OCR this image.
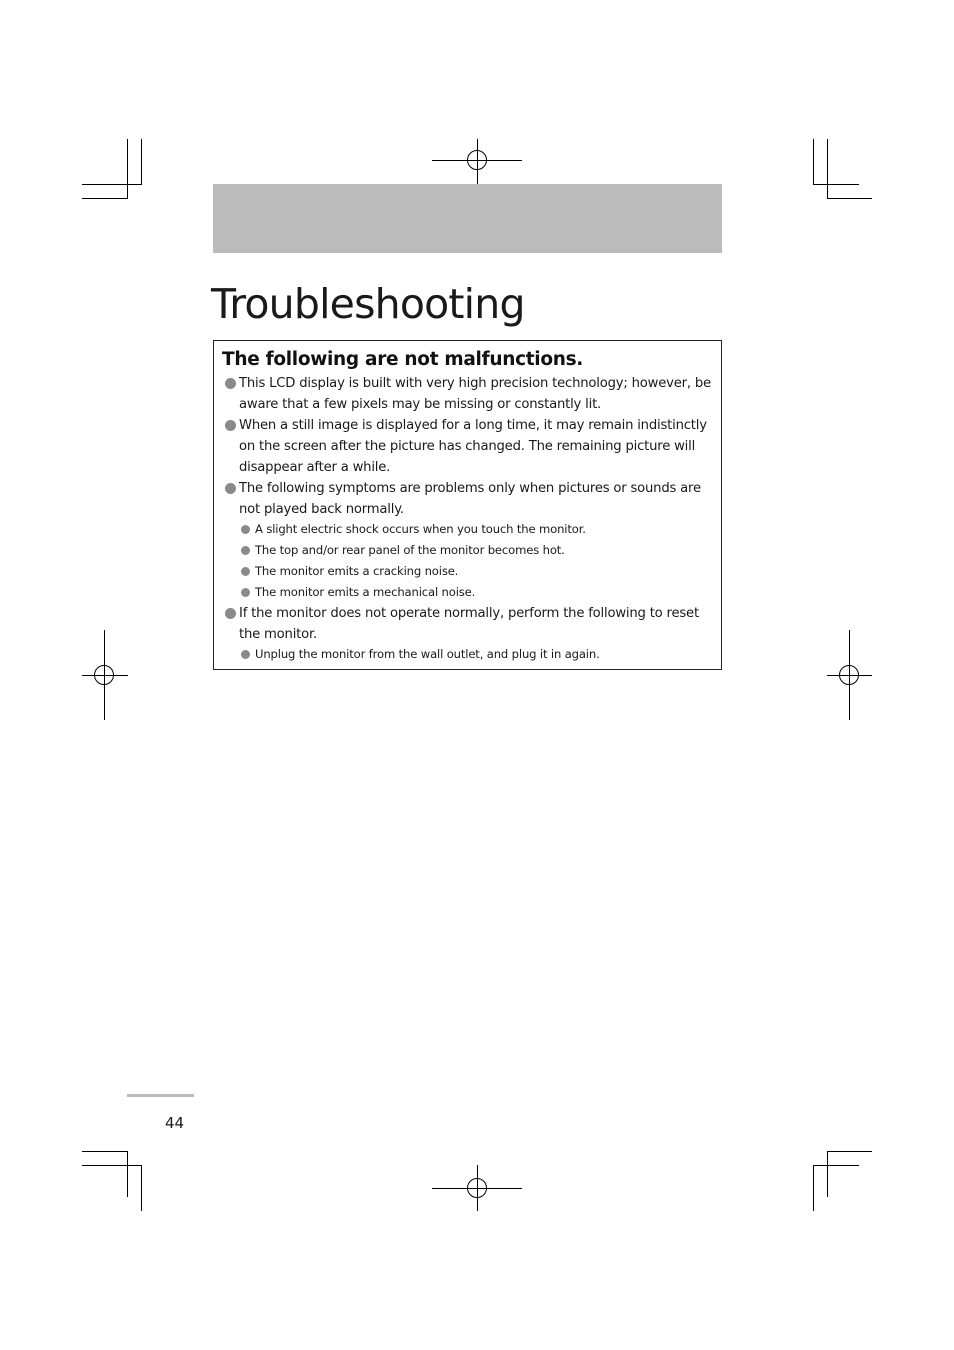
Troubleshooting
The following are not malfunctions.

This LCD display is built with very high precision technology; however, be aware that a few pixels may be missing or constantly lit.

When a still image is displayed for a long time, it may remain indistinctly on the screen after the picture has changed. The remaining picture will disappear after a while.

The following symptoms are problems only when pictures or sounds are not played back normally.

A slight electric shock occurs when you touch the monitor.

The top and/or rear panel of the monitor becomes hot.

The monitor emits a cracking noise.

The monitor emits a mechanical noise.

If the monitor does not operate normally, perform the following to reset the monitor.

Unplug the monitor from the wall outlet, and plug it in again.

44
